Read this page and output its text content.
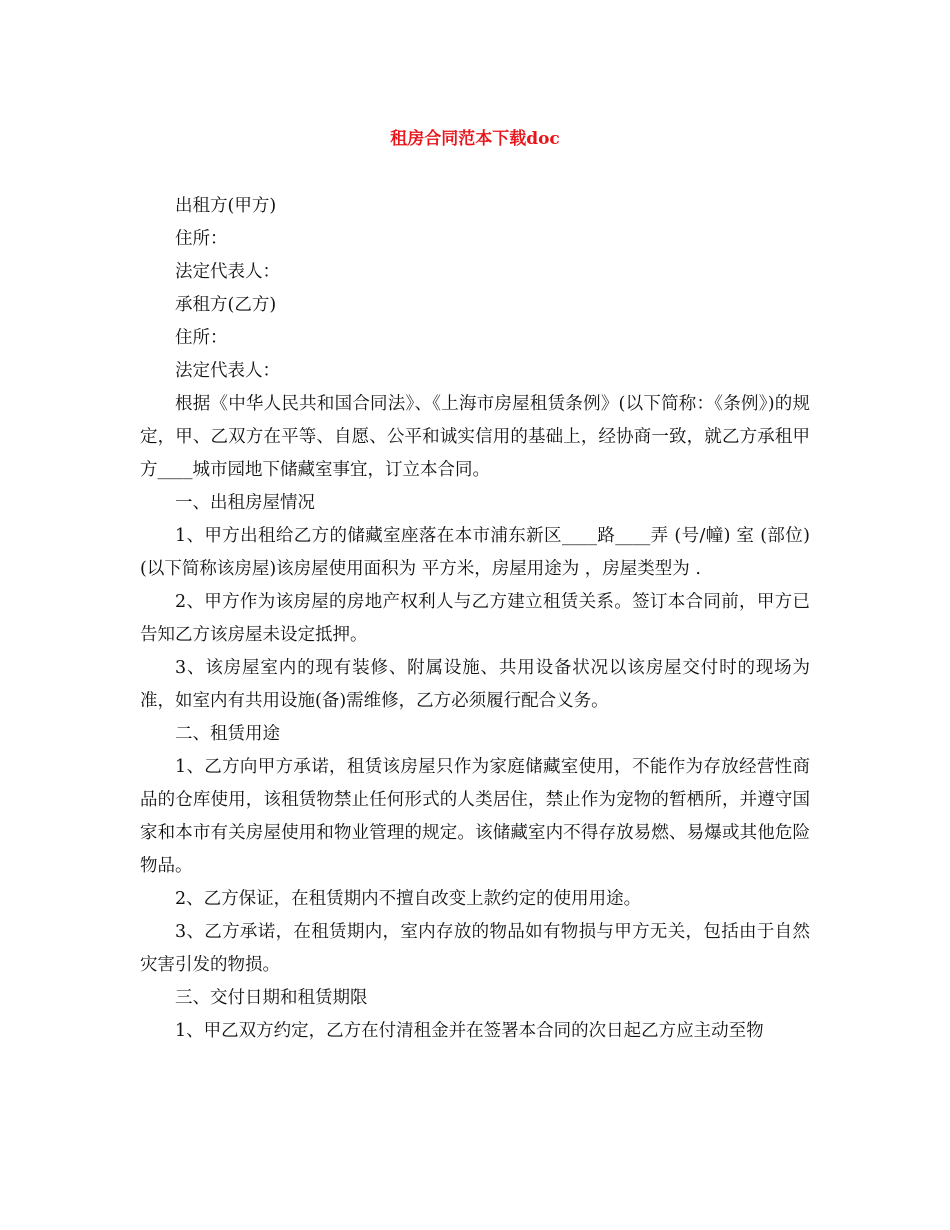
租房合同范本下载doc

出租方(甲方)

住所：

法定代表人：

承租方(乙方)

住所：

法定代表人：

根据《中华人民共和国合同法》、《上海市房屋租赁条例》(以下简称：《条例》)的规定，甲、乙双方在平等、自愿、公平和诚实信用的基础上，经协商一致，就乙方承租甲方____城市园地下储藏室事宜，订立本合同。

一、出租房屋情况

1、甲方出租给乙方的储藏室座落在本市浦东新区____路____弄 (号/幢) 室 (部位) (以下简称该房屋)该房屋使用面积为 平方米，房屋用途为 ，房屋类型为 .

2、甲方作为该房屋的房地产权利人与乙方建立租赁关系。签订本合同前，甲方已告知乙方该房屋未设定抵押。

3、该房屋室内的现有装修、附属设施、共用设备状况以该房屋交付时的现场为准，如室内有共用设施(备)需维修，乙方必须履行配合义务。

二、租赁用途

1、乙方向甲方承诺，租赁该房屋只作为家庭储藏室使用，不能作为存放经营性商品的仓库使用，该租赁物禁止任何形式的人类居住，禁止作为宠物的暂栖所，并遵守国家和本市有关房屋使用和物业管理的规定。该储藏室内不得存放易燃、易爆或其他危险物品。

2、乙方保证，在租赁期内不擅自改变上款约定的使用用途。

3、乙方承诺，在租赁期内，室内存放的物品如有物损与甲方无关，包括由于自然灾害引发的物损。

三、交付日期和租赁期限

1、甲乙双方约定，乙方在付清租金并在签署本合同的次日起乙方应主动至物
